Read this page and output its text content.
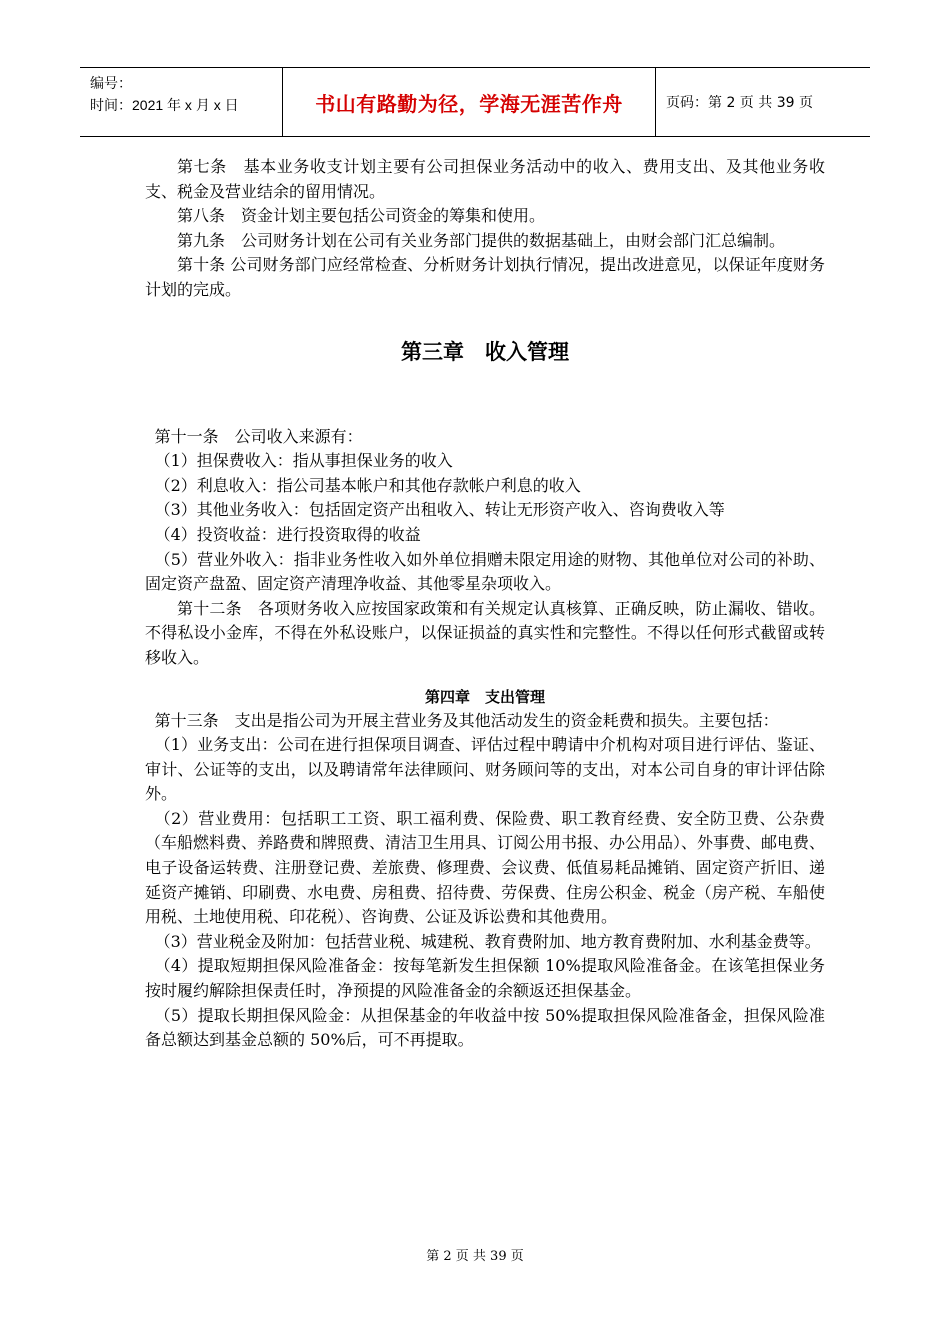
编号：
时间：2021 年 x 月 x 日	书山有路勤为径，学海无涯苦作舟	页码：第 2 页 共 39 页

第七条　基本业务收支计划主要有公司担保业务活动中的收入、费用支出、及其他业务收支、税金及营业结余的留用情况。

第八条　资金计划主要包括公司资金的筹集和使用。

第九条　公司财务计划在公司有关业务部门提供的数据基础上，由财会部门汇总编制。

第十条 公司财务部门应经常检查、分析财务计划执行情况，提出改进意见，以保证年度财务计划的完成。

第三章　收入管理

第十一条　公司收入来源有：

（1）担保费收入：指从事担保业务的收入

（2）利息收入：指公司基本帐户和其他存款帐户利息的收入

（3）其他业务收入：包括固定资产出租收入、转让无形资产收入、咨询费收入等

（4）投资收益：进行投资取得的收益

（5）营业外收入：指非业务性收入如外单位捐赠未限定用途的财物、其他单位对公司的补助、固定资产盘盈、固定资产清理净收益、其他零星杂项收入。

第十二条　各项财务收入应按国家政策和有关规定认真核算、正确反映，防止漏收、错收。不得私设小金库，不得在外私设账户，以保证损益的真实性和完整性。不得以任何形式截留或转移收入。

第四章　支出管理

第十三条　支出是指公司为开展主营业务及其他活动发生的资金耗费和损失。主要包括：

（1）业务支出：公司在进行担保项目调查、评估过程中聘请中介机构对项目进行评估、鉴证、审计、公证等的支出，以及聘请常年法律顾问、财务顾问等的支出，对本公司自身的审计评估除外。

（2）营业费用：包括职工工资、职工福利费、保险费、职工教育经费、安全防卫费、公杂费（车船燃料费、养路费和牌照费、清洁卫生用具、订阅公用书报、办公用品）、外事费、邮电费、电子设备运转费、注册登记费、差旅费、修理费、会议费、低值易耗品摊销、固定资产折旧、递延资产摊销、印刷费、水电费、房租费、招待费、劳保费、住房公积金、税金（房产税、车船使用税、土地使用税、印花税）、咨询费、公证及诉讼费和其他费用。

（3）营业税金及附加：包括营业税、城建税、教育费附加、地方教育费附加、水利基金费等。

（4）提取短期担保风险准备金：按每笔新发生担保额 10%提取风险准备金。在该笔担保业务按时履约解除担保责任时，净预提的风险准备金的余额返还担保基金。

（5）提取长期担保风险金：从担保基金的年收益中按 50%提取担保风险准备金，担保风险准备总额达到基金总额的 50%后，可不再提取。

第 2 页 共 39 页
